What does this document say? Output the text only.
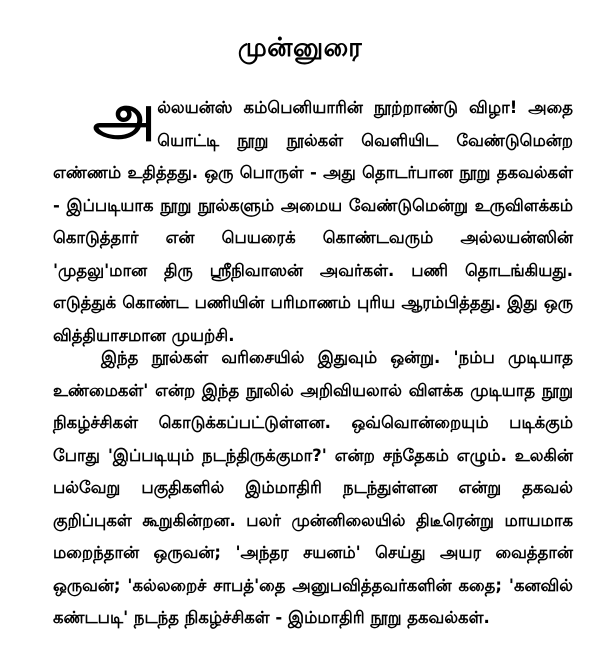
முன்னுரை

அல்லயன்ஸ் கம்பெனியாரின் நூற்றாண்டு விழா! அதை யொட்டி நூறு நூல்கள் வெளியிட வேண்டுமென்ற எண்ணம் உதித்தது. ஒரு பொருள் - அது தொடர்பான நூறு தகவல்கள் - இப்படியாக நூறு நூல்களும் அமைய வேண்டுமென்று உருவிளக்கம் கொடுத்தார் என் பெயரைக் கொண்டவரும் அல்லயன்ஸின் 'முதலு'மான திரு ஸ்ரீநிவாஸன் அவர்கள். பணி தொடங்கியது. எடுத்துக் கொண்ட பணியின் பரிமாணம் புரிய ஆரம்பித்தது. இது ஒரு வித்தியாசமான முயற்சி.

இந்த நூல்கள் வரிசையில் இதுவும் ஒன்று. 'நம்ப முடியாத உண்மைகள்' என்ற இந்த நூலில் அறிவியலால் விளக்க முடியாத நூறு நிகழ்ச்சிகள் கொடுக்கப்பட்டுள்ளன. ஒவ்வொன்றையும் படிக்கும் போது 'இப்படியும் நடந்திருக்குமா?' என்ற சந்தேகம் எழும். உலகின் பல்வேறு பகுதிகளில் இம்மாதிரி நடந்துள்ளன என்று தகவல் குறிப்புகள் கூறுகின்றன. பலர் முன்னிலையில் திடீரென்று மாயமாக மறைந்தான் ஒருவன்; 'அந்தர சயனம்' செய்து அயர வைத்தான் ஒருவன்; 'கல்லறைச் சாபத்'தை அனுபவித்தவர்களின் கதை; 'கனவில் கண்டபடி' நடந்த நிகழ்ச்சிகள் - இம்மாதிரி நூறு தகவல்கள்.
